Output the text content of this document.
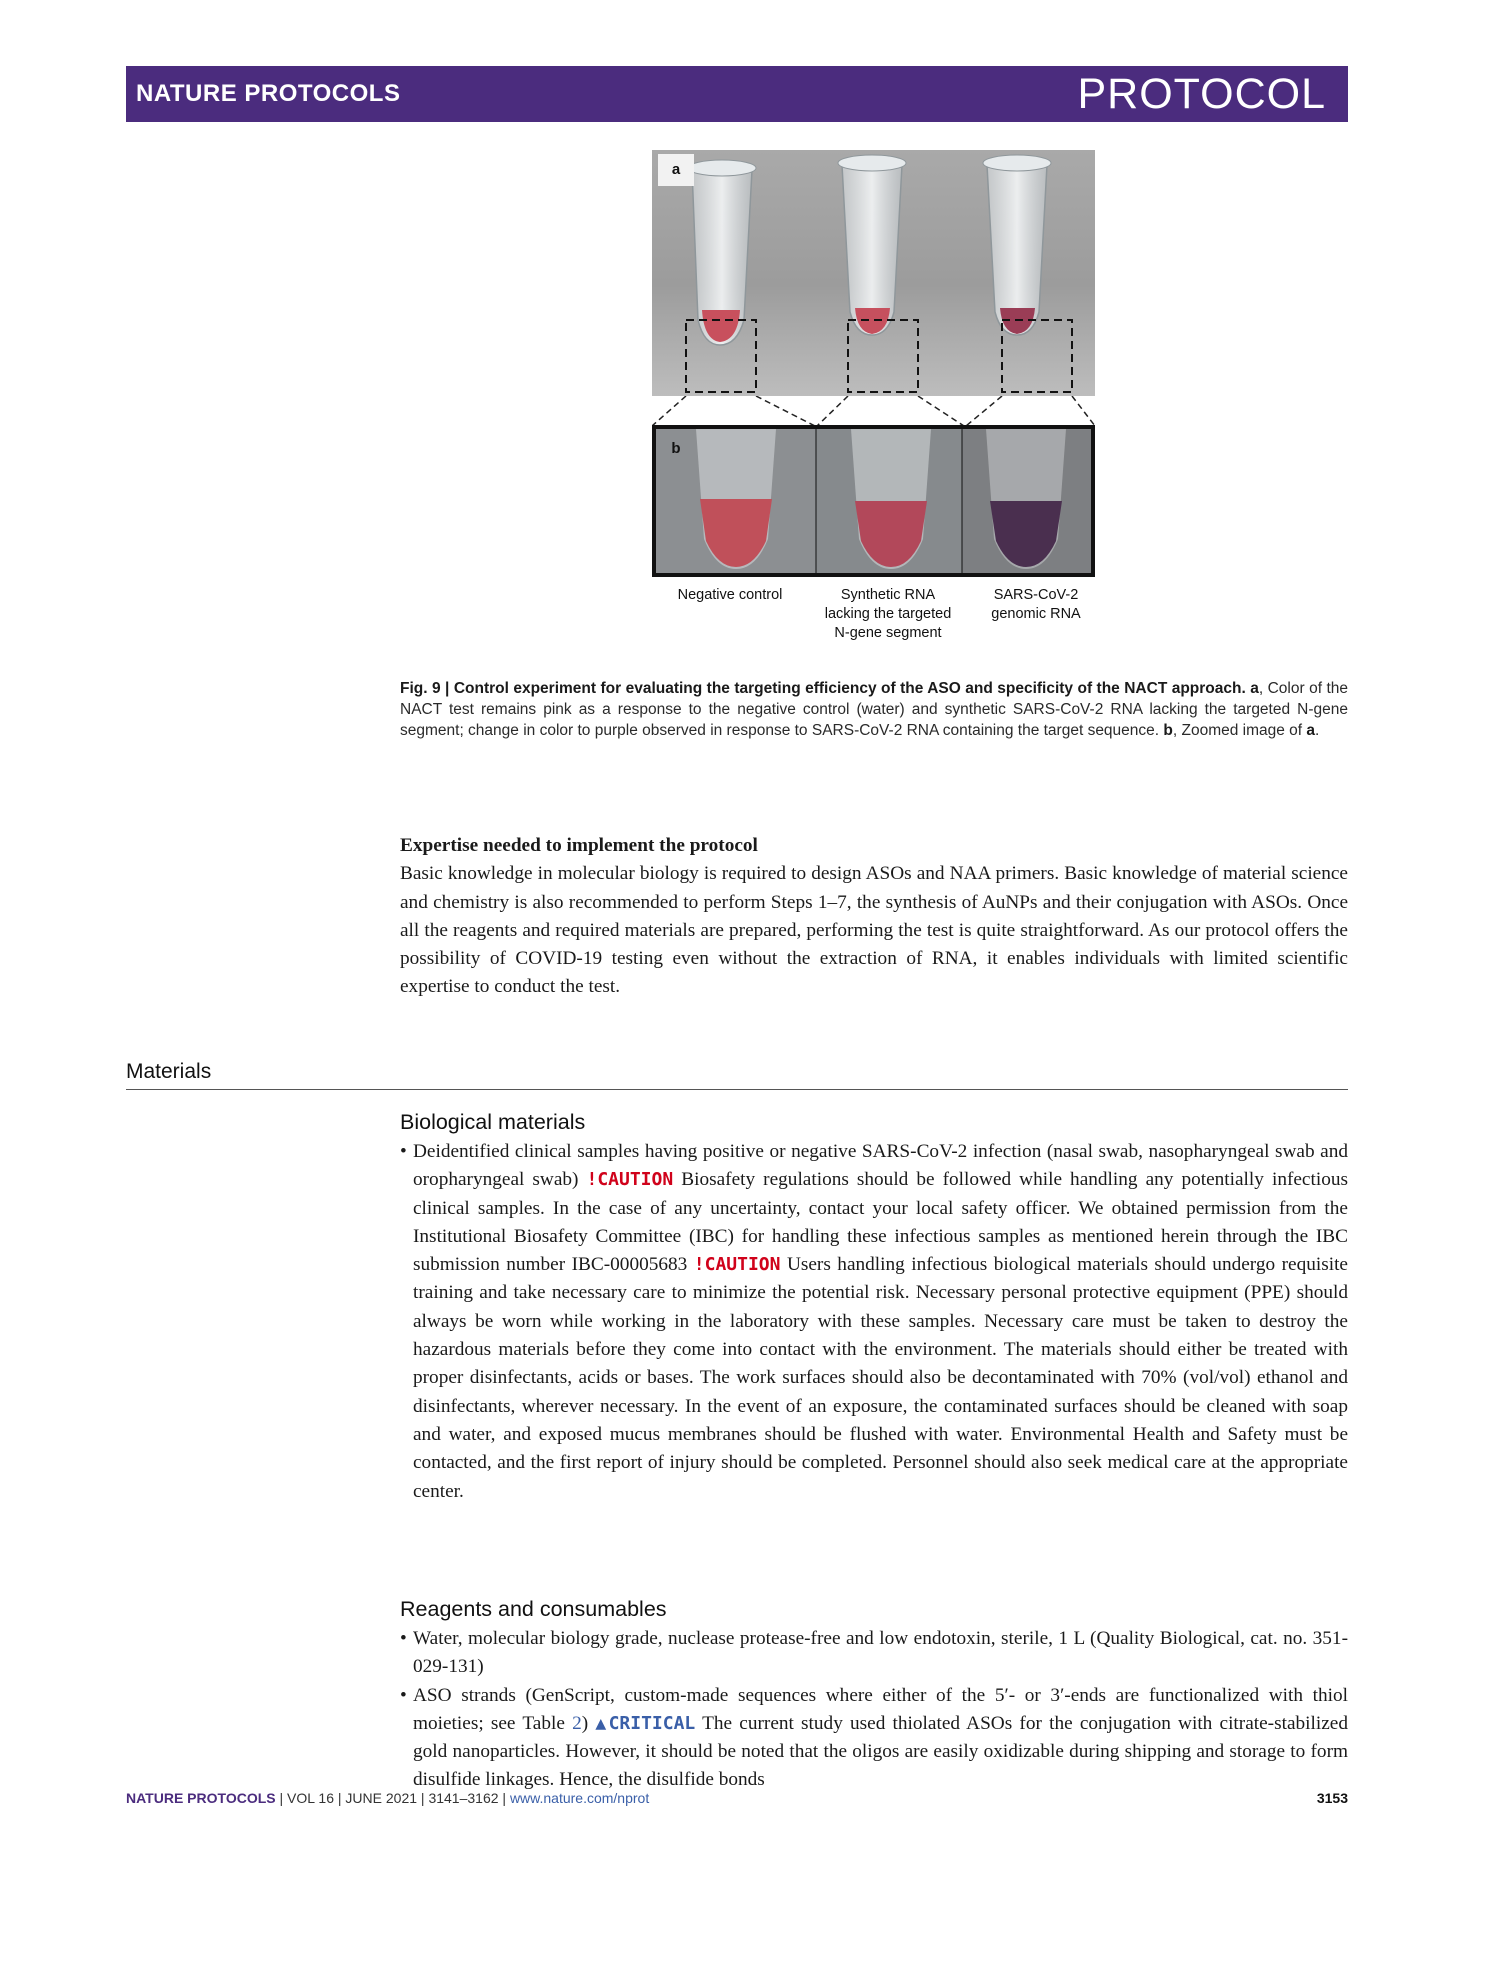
NATURE PROTOCOLS	PROTOCOL
a
b
Negative control	Synthetic RNA lacking the targeted N-gene segment
SARS-CoV-2 genomic RNA
Fig. 9 | Control experiment for evaluating the targeting efficiency of the ASO and specificity of the NACT approach. a, Color of the NACT test remains pink as a response to the negative control (water) and synthetic SARS-CoV-2 RNA lacking the targeted N-gene segment; change in color to purple observed in response to SARS-CoV-2 RNA containing the target sequence. b, Zoomed image of a.
Expertise needed to implement the protocol
Basic knowledge in molecular biology is required to design ASOs and NAA primers. Basic knowledge of material science and chemistry is also recommended to perform Steps 1–7, the synthesis of AuNPs and their conjugation with ASOs. Once all the reagents and required materials are prepared, performing the test is quite straightforward. As our protocol offers the possibility of COVID-19 testing even without the extraction of RNA, it enables individuals with limited scientific expertise to conduct the test.
Materials
Biological materials
• Deidentified clinical samples having positive or negative SARS-CoV-2 infection (nasal swab, nasopharyngeal swab and oropharyngeal swab) !CAUTION Biosafety regulations should be followed while handling any potentially infectious clinical samples. In the case of any uncertainty, contact your local safety officer. We obtained permission from the Institutional Biosafety Committee (IBC) for handling these infectious samples as mentioned herein through the IBC submission number IBC-00005683 !CAUTION Users handling infectious biological materials should undergo requisite training and take necessary care to minimize the potential risk. Necessary personal protective equipment (PPE) should always be worn while working in the laboratory with these samples. Necessary care must be taken to destroy the hazardous materials before they come into contact with the environment. The materials should either be treated with proper disinfectants, acids or bases. The work surfaces should also be decontaminated with 70% (vol/vol) ethanol and disinfectants, wherever necessary. In the event of an exposure, the contaminated surfaces should be cleaned with soap and water, and exposed mucus membranes should be flushed with water. Environmental Health and Safety must be contacted, and the first report of injury should be completed. Personnel should also seek medical care at the appropriate center.
Reagents and consumables
• Water, molecular biology grade, nuclease protease-free and low endotoxin, sterile, 1 L (Quality Biological, cat. no. 351-029-131)
• ASO strands (GenScript, custom-made sequences where either of the 5′- or 3′-ends are functionalized with thiol moieties; see Table 2) ▲CRITICAL The current study used thiolated ASOs for the conjugation with citrate-stabilized gold nanoparticles. However, it should be noted that the oligos are easily oxidizable during shipping and storage to form disulfide linkages. Hence, the disulfide bonds
NATURE PROTOCOLS | VOL 16 | JUNE 2021 | 3141–3162 | www.nature.com/nprot	3153
